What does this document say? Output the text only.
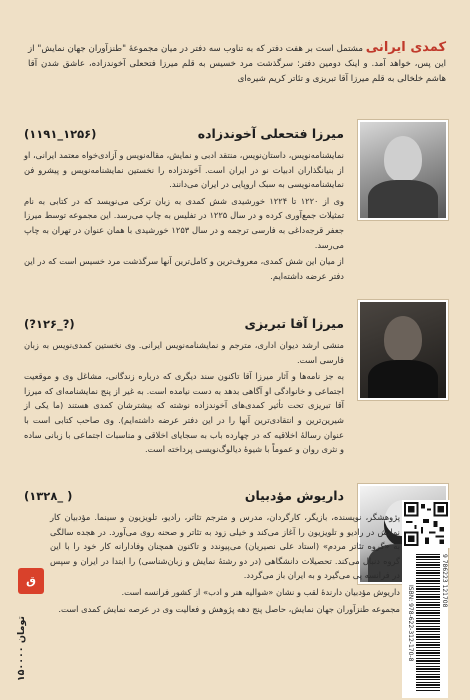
کمدی ایرانی مشتمل است بر هفت دفتر که به تناوب سه دفتر در میان مجموعهٔ "طنزآوران جهان نمایش" از این پس، خواهد آمد. و اینک دومین دفتر: سرگذشت مرد خسیس به قلم میرزا فتحعلی آخوندزاده، عاشق شدن آقا هاشم خلخالی به قلم میرزا آقا تبریزی و تئاتر کریم شیره‌ای
میرزا فتحعلی آخوندزاده
(۱۱۹۱_۱۲۵۶)

نمایشنامه‌نویس، داستان‌نویس، منتقد ادبی و نمایش، مقاله‌نویس و آزادی‌خواه معتمد ایرانی، او از بنیانگذاران ادبیات نو در ایران است. آخوندزاده را نخستین نمایشنامه‌نویس و پیشرو فن نمایشنامه‌نویسی به سبک اروپایی در ایران می‌دانند.

وی از ۱۲۲۰ تا ۱۲۲۴ خورشیدی شش کمدی به زبان ترکی می‌نویسد که در کتابی به نام تمثیلات جمع‌آوری کرده و در سال ۱۲۲۵ در تفلیس به چاپ می‌رسد. این مجموعه توسط میرزا جعفر قرجه‌داغی به فارسی ترجمه و در سال ۱۲۵۳ خورشیدی با همان عنوان در تهران به چاپ می‌رسد.

از میان این شش کمدی، معروف‌ترین و کامل‌ترین آنها سرگذشت مرد خسیس است که در این دفتر عرضه داشته‌ایم.

میرزا آقا تبریزی
(?۱۲۶_?)

منشی ارشد دیوان اداری، مترجم و نمایشنامه‌نویس ایرانی. وی نخستین کمدی‌نویس به زبان فارسی است.

به جز نامه‌ها و آثار میرزا آقا تاکنون سند دیگری که درباره زندگانی، مشاغل وی و موقعیت اجتماعی و خانوادگی او آگاهی بدهد به دست نیامده است. به غیر از پنج نمایشنامه‌ای که میرزا آقا تبریزی تحت تأثیر کمدی‌های آخوندزاده نوشته که بیشترشان کمدی هستند (ما یکی از شیرین‌ترین و انتقادی‌ترین آنها را در این دفتر عرضه داشته‌ایم). وی صاحب کتابی است با عنوان رسالهٔ اخلاقیه که در چهارده باب به سجایای اخلاقی و مناسبات اجتماعی با زبانی ساده و نثری روان و عموماً با شیوهٔ دیالوگ‌نویسی پرداخته است.

داریوش مؤدبیان
(۱۳۲۸_ )

پژوهشگر، نویسنده، بازیگر، کارگردان، مدرس و مترجم تئاتر، رادیو، تلویزیون و سینما. مؤدبیان کار نمایش در رادیو و تلویزیون را آغاز می‌کند و خیلی زود به تئاتر و صحنه روی می‌آورد. در هجده سالگی به «گروه تئاتر مردم» (استاد علی نصیریان) می‌پیوندد و تاکنون همچنان وفادارانه کار خود را با این گروه دنبال می‌کند. تحصیلات دانشگاهی (در دو رشتهٔ نمایش و زبان‌شناسی) را ابتدا در ایران و سپس در فرانسه پی می‌گیرد و به ایران باز می‌گردد.

داریوش مؤدبیان دارندهٔ لقب و نشان «شوالیه هنر و ادب» از کشور فرانسه است.

مجموعه طنزآوران جهان نمایش، حاصل پنج دهه پژوهش و فعالیت وی در عرصه نمایش کمدی است.

ق
۱۵۰۰۰۰ تومان	ISBN: 978-622-312-170-8
9 786223 121708
